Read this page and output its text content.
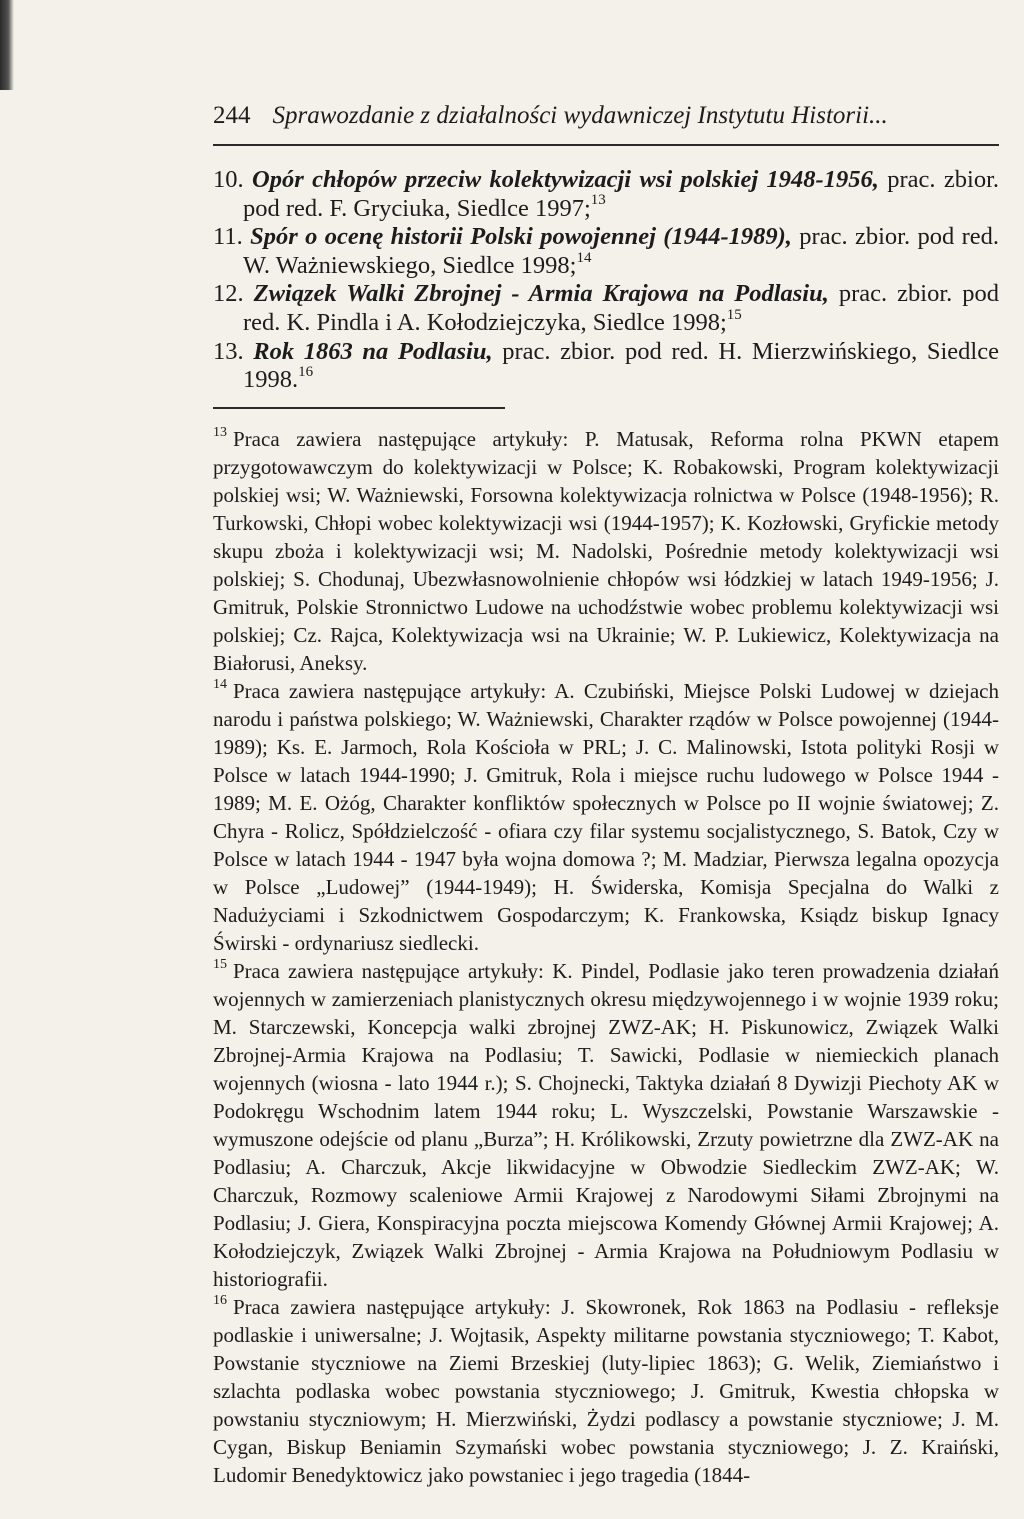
244 Sprawozdanie z działalności wydawniczej Instytutu Historii...
10. Opór chłopów przeciw kolektywizacji wsi polskiej 1948-1956, prac. zbior. pod red. F. Gryciuka, Siedlce 1997;$^{13}$
11. Spór o ocenę historii Polski powojennej (1944-1989), prac. zbior. pod red. W. Ważniewskiego, Siedlce 1998;$^{14}$
12. Związek Walki Zbrojnej - Armia Krajowa na Podlasiu, prac. zbior. pod red. K. Pindla i A. Kołodziejczyka, Siedlce 1998;$^{15}$
13. Rok 1863 na Podlasiu, prac. zbior. pod red. H. Mierzwińskiego, Siedlce 1998.16

$^{13}$ Praca zawiera następujące artykuły: P. Matusak, Reforma rolna PKWN etapem przygotowawczym do kolektywizacji w Polsce; K. Robakowski, Program kolektywizacji polskiej wsi; W. Ważniewski, Forsowna kolektywizacja rolnictwa w Polsce (1948-1956); R. Turkowski, Chłopi wobec kolektywizacji wsi (1944-1957); K. Kozłowski, Gryfickie metody skupu zboża i kolektywizacji wsi; M. Nadolski, Pośrednie metody kolektywizacji wsi polskiej; S. Chodunaj, Ubezwłasnowolnienie chłopów wsi łódzkiej w latach 1949-1956; J. Gmitruk, Polskie Stronnictwo Ludowe na uchodźstwie wobec problemu kolektywizacji wsi polskiej; Cz. Rajca, Kolektywizacja wsi na Ukrainie; W. P. Lukiewicz, Kolektywizacja na Białorusi, Aneksy.

$^{14}$ Praca zawiera następujące artykuły: A. Czubiński, Miejsce Polski Ludowej w dziejach narodu i państwa polskiego; W. Ważniewski, Charakter rządów w Polsce powojennej (1944-1989); Ks. E. Jarmoch, Rola Kościoła w PRL; J. C. Malinowski, Istota polityki Rosji w Polsce w latach 1944-1990; J. Gmitruk, Rola i miejsce ruchu ludowego w Polsce 1944 - 1989; M. E. Ożóg, Charakter konfliktów społecznych w Polsce po II wojnie światowej; Z. Chyra - Rolicz, Spółdzielczość - ofiara czy filar systemu socjalistycznego, S. Batok, Czy w Polsce w latach 1944 - 1947 była wojna domowa ?; M. Madziar, Pierwsza legalna opozycja w Polsce „Ludowej” (1944-1949); H. Świderska, Komisja Specjalna do Walki z Nadużyciami i Szkodnictwem Gospodarczym; K. Frankowska, Ksiądz biskup Ignacy Świrski - ordynariusz siedlecki.

$^{15}$ Praca zawiera następujące artykuły: K. Pindel, Podlasie jako teren prowadzenia działań wojennych w zamierzeniach planistycznych okresu międzywojennego i w wojnie 1939 roku; M. Starczewski, Koncepcja walki zbrojnej ZWZ-AK; H. Piskunowicz, Związek Walki Zbrojnej-Armia Krajowa na Podlasiu; T. Sawicki, Podlasie w niemieckich planach wojennych (wiosna - lato 1944 r.); S. Chojnecki, Taktyka działań 8 Dywizji Piechoty AK w Podokręgu Wschodnim latem 1944 roku; L. Wyszczelski, Powstanie Warszawskie - wymuszone odejście od planu „Burza”; H. Królikowski, Zrzuty powietrzne dla ZWZ-AK na Podlasiu; A. Charczuk, Akcje likwidacyjne w Obwodzie Siedleckim ZWZ-AK; W. Charczuk, Rozmowy scaleniowe Armii Krajowej z Narodowymi Siłami Zbrojnymi na Podlasiu; J. Giera, Konspiracyjna poczta miejscowa Komendy Głównej Armii Krajowej; A. Kołodziejczyk, Związek Walki Zbrojnej - Armia Krajowa na Południowym Podlasiu w historiografii.

$^{16}$ Praca zawiera następujące artykuły: J. Skowronek, Rok 1863 na Podlasiu - refleksje podlaskie i uniwersalne; J. Wojtasik, Aspekty militarne powstania styczniowego; T. Kabot, Powstanie styczniowe na Ziemi Brzeskiej (luty-lipiec 1863); G. Welik, Ziemiaństwo i szlachta podlaska wobec powstania styczniowego; J. Gmitruk, Kwestia chłopska w powstaniu styczniowym; H. Mierzwiński, Żydzi podlascy a powstanie styczniowe; J. M. Cygan, Biskup Beniamin Szymański wobec powstania styczniowego; J. Z. Kraiński, Ludomir Benedyktowicz jako powstaniec i jego tragedia (1844-
